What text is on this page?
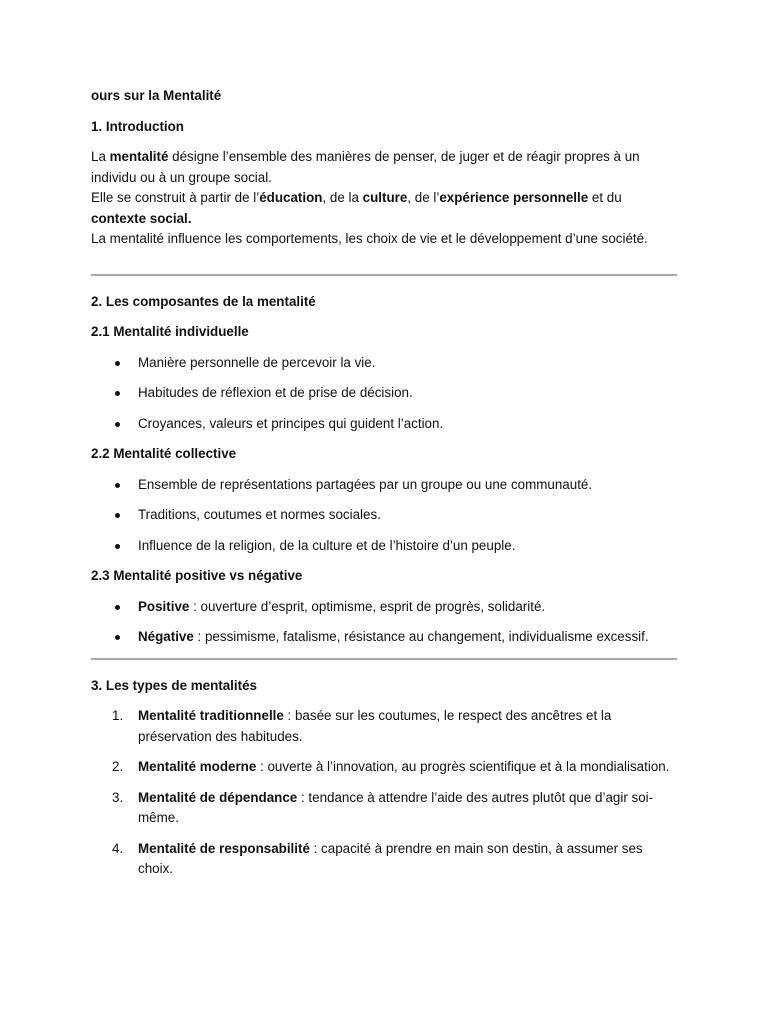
ours sur la Mentalité

1. Introduction

La mentalité désigne l’ensemble des manières de penser, de juger et de réagir propres à un individu ou à un groupe social.

Elle se construit à partir de l’éducation, de la culture, de l’expérience personnelle et du contexte social.

La mentalité influence les comportements, les choix de vie et le développement d’une société.

2. Les composantes de la mentalité

2.1 Mentalité individuelle

Manière personnelle de percevoir la vie.
Habitudes de réflexion et de prise de décision.
Croyances, valeurs et principes qui guident l’action.

2.2 Mentalité collective

Ensemble de représentations partagées par un groupe ou une communauté.
Traditions, coutumes et normes sociales.
Influence de la religion, de la culture et de l’histoire d’un peuple.

2.3 Mentalité positive vs négative

Positive : ouverture d’esprit, optimisme, esprit de progrès, solidarité.
Négative : pessimisme, fatalisme, résistance au changement, individualisme excessif.

3. Les types de mentalités

1. Mentalité traditionnelle : basée sur les coutumes, le respect des ancêtres et la préservation des habitudes.
2. Mentalité moderne : ouverte à l’innovation, au progrès scientifique et à la mondialisation.
3. Mentalité de dépendance : tendance à attendre l’aide des autres plutôt que d’agir soi-même.
4. Mentalité de responsabilité : capacité à prendre en main son destin, à assumer ses choix.
